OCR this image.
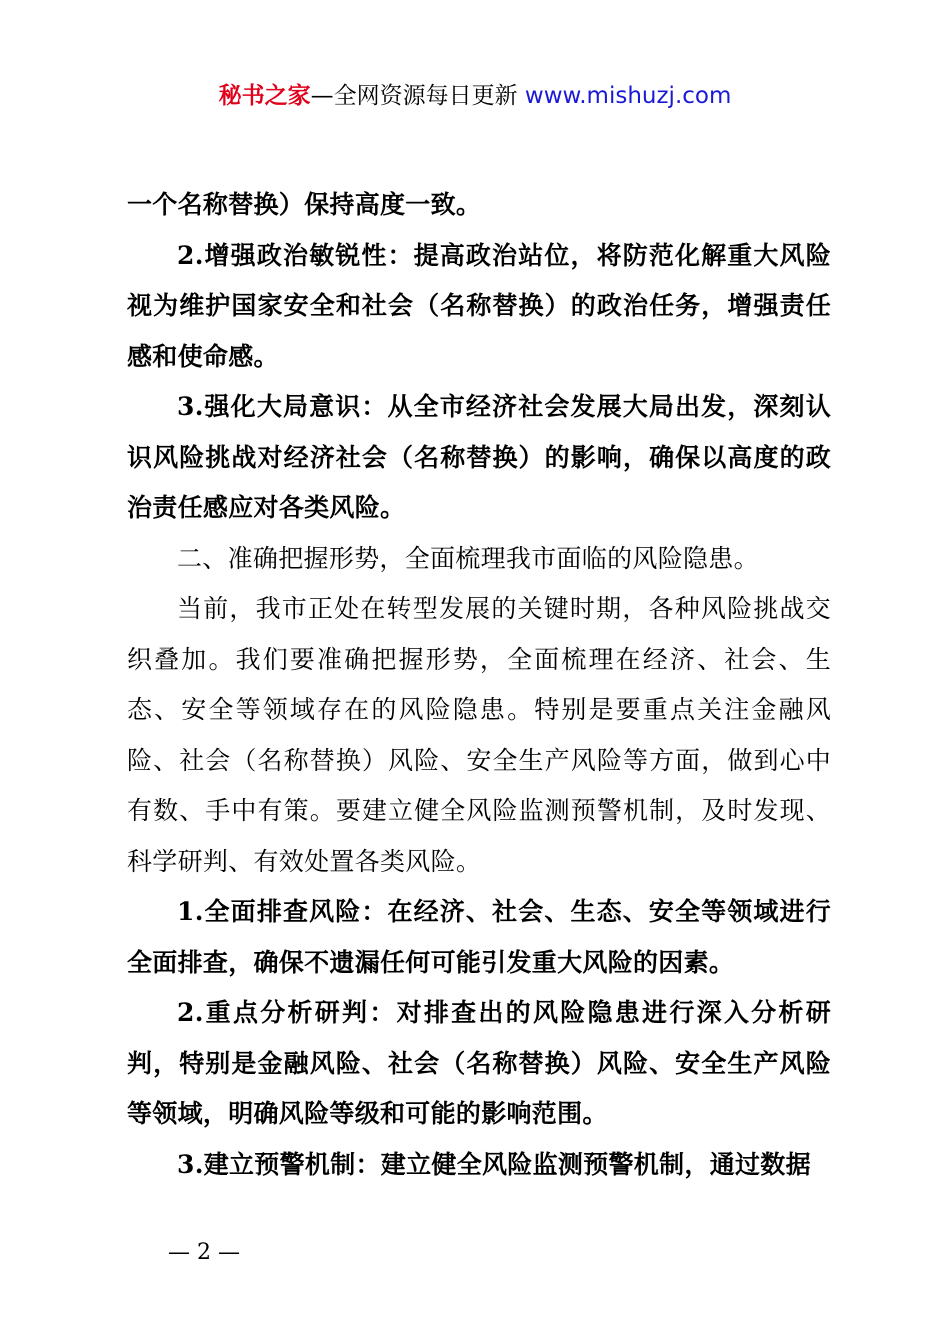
秘书之家—全网资源每日更新 www.mishuzj.com

一个名称替换）保持高度一致。

2.增强政治敏锐性：提高政治站位，将防范化解重大风险视为维护国家安全和社会（名称替换）的政治任务，增强责任感和使命感。

3.强化大局意识：从全市经济社会发展大局出发，深刻认识风险挑战对经济社会（名称替换）的影响，确保以高度的政治责任感应对各类风险。

二、准确把握形势，全面梳理我市面临的风险隐患。

当前，我市正处在转型发展的关键时期，各种风险挑战交织叠加。我们要准确把握形势，全面梳理在经济、社会、生态、安全等领域存在的风险隐患。特别是要重点关注金融风险、社会（名称替换）风险、安全生产风险等方面，做到心中有数、手中有策。要建立健全风险监测预警机制，及时发现、科学研判、有效处置各类风险。

1.全面排查风险：在经济、社会、生态、安全等领域进行全面排查，确保不遗漏任何可能引发重大风险的因素。

2.重点分析研判：对排查出的风险隐患进行深入分析研判，特别是金融风险、社会（名称替换）风险、安全生产风险等领域，明确风险等级和可能的影响范围。

3.建立预警机制：建立健全风险监测预警机制，通过数据

— 2 —
